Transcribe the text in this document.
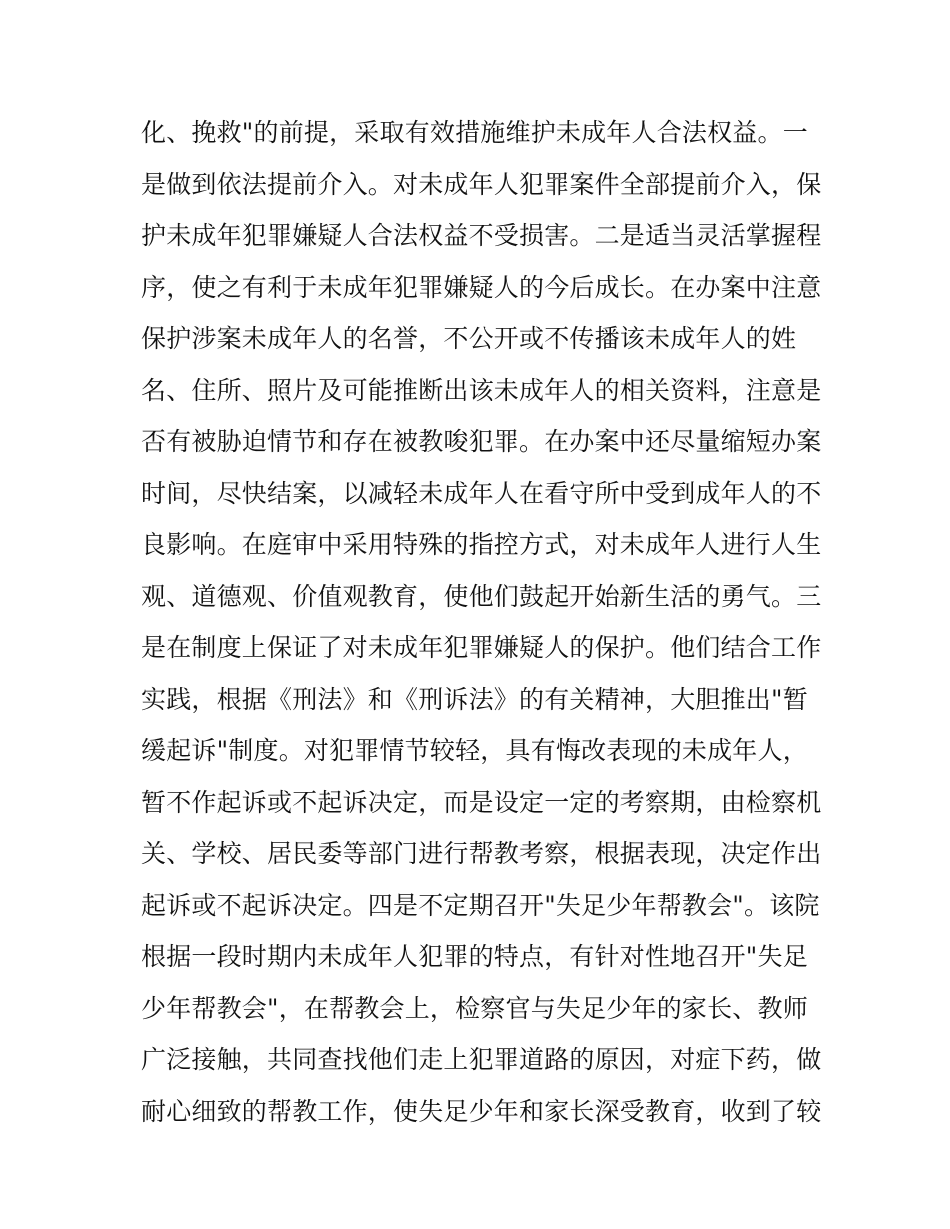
化、挽救"的前提，采取有效措施维护未成年人合法权益。一
是做到依法提前介入。对未成年人犯罪案件全部提前介入，保
护未成年犯罪嫌疑人合法权益不受损害。二是适当灵活掌握程
序，使之有利于未成年犯罪嫌疑人的今后成长。在办案中注意
保护涉案未成年人的名誉，不公开或不传播该未成年人的姓
名、住所、照片及可能推断出该未成年人的相关资料，注意是
否有被胁迫情节和存在被教唆犯罪。在办案中还尽量缩短办案
时间，尽快结案，以减轻未成年人在看守所中受到成年人的不
良影响。在庭审中采用特殊的指控方式，对未成年人进行人生
观、道德观、价值观教育，使他们鼓起开始新生活的勇气。三
是在制度上保证了对未成年犯罪嫌疑人的保护。他们结合工作
实践，根据《刑法》和《刑诉法》的有关精神，大胆推出"暂
缓起诉"制度。对犯罪情节较轻，具有悔改表现的未成年人，
暂不作起诉或不起诉决定，而是设定一定的考察期，由检察机
关、学校、居民委等部门进行帮教考察，根据表现，决定作出
起诉或不起诉决定。四是不定期召开"失足少年帮教会"。该院
根据一段时期内未成年人犯罪的特点，有针对性地召开"失足
少年帮教会"，在帮教会上，检察官与失足少年的家长、教师
广泛接触，共同查找他们走上犯罪道路的原因，对症下药，做
耐心细致的帮教工作，使失足少年和家长深受教育，收到了较
